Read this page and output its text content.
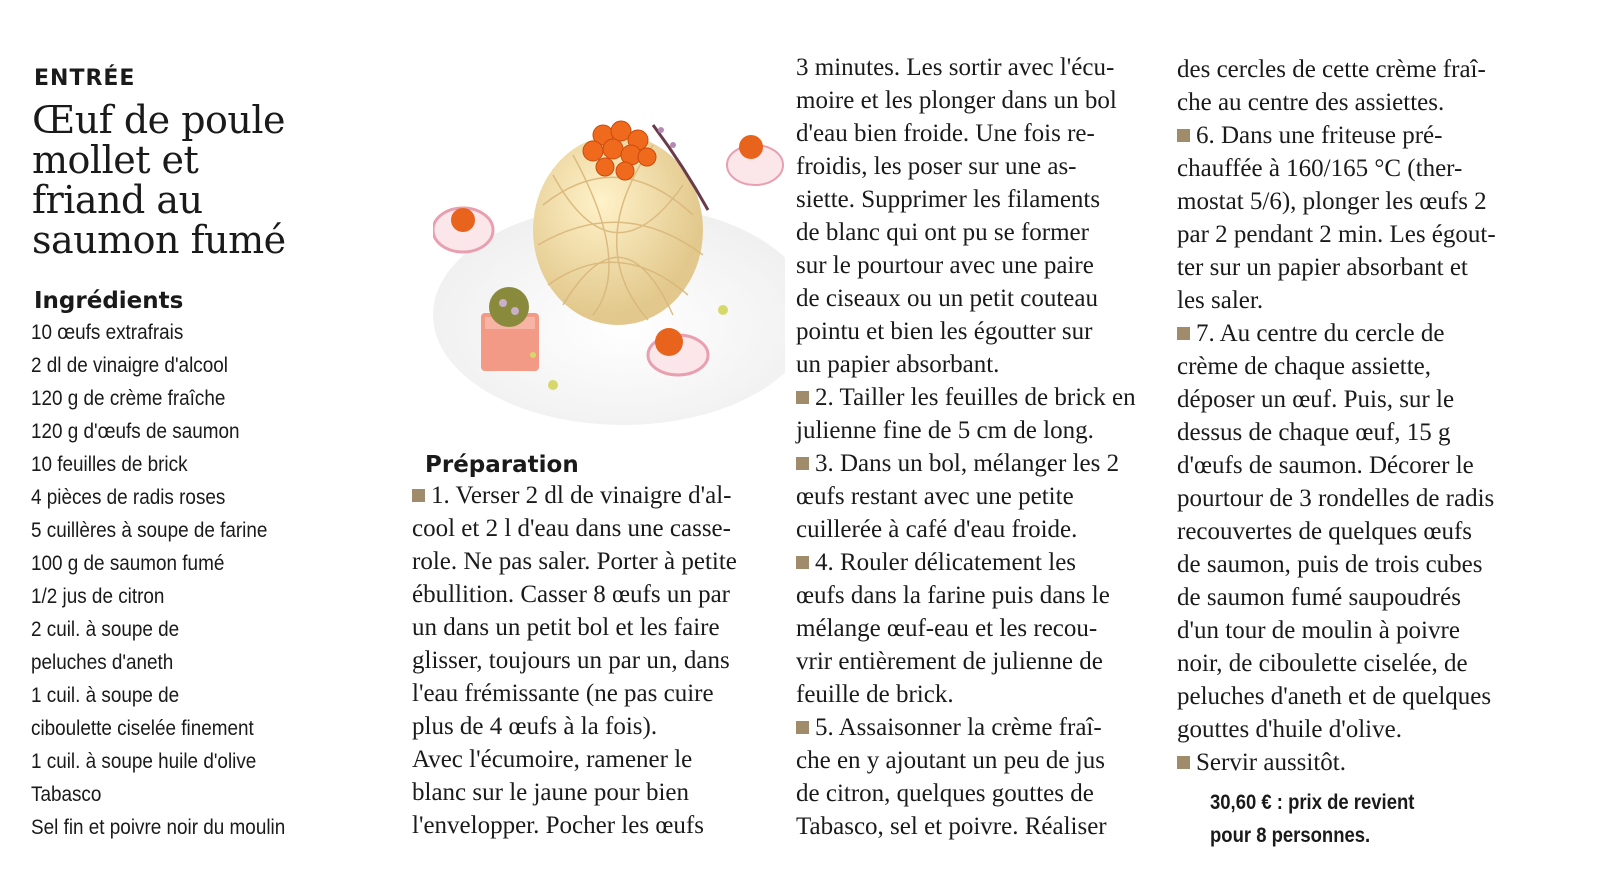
ENTRÉE
Œuf de poule
mollet et
friand au
saumon fumé
Ingrédients
10 œufs extrafrais
2 dl de vinaigre d'alcool
120 g de crème fraîche
120 g d'œufs de saumon
10 feuilles de brick
4 pièces de radis roses
5 cuillères à soupe de farine
100 g de saumon fumé
1/2 jus de citron
2 cuil. à soupe de
peluches d'aneth
1 cuil. à soupe de
ciboulette ciselée finement
1 cuil. à soupe huile d'olive
Tabasco
Sel fin et poivre noir du moulin
Préparation
1. Verser 2 dl de vinaigre d'al-
cool et 2 l d'eau dans une casse-
role. Ne pas saler. Porter à petite
ébullition. Casser 8 œufs un par
un dans un petit bol et les faire
glisser, toujours un par un, dans
l'eau frémissante (ne pas cuire
plus de 4 œufs à la fois).
Avec l'écumoire, ramener le
blanc sur le jaune pour bien
l'envelopper. Pocher les œufs
3 minutes. Les sortir avec l'écu-
moire et les plonger dans un bol
d'eau bien froide. Une fois re-
froidis, les poser sur une as-
siette. Supprimer les filaments
de blanc qui ont pu se former
sur le pourtour avec une paire
de ciseaux ou un petit couteau
pointu et bien les égoutter sur
un papier absorbant.
2. Tailler les feuilles de brick en
julienne fine de 5 cm de long.
3. Dans un bol, mélanger les 2
œufs restant avec une petite
cuillerée à café d'eau froide.
4. Rouler délicatement les
œufs dans la farine puis dans le
mélange œuf-eau et les recou-
vrir entièrement de julienne de
feuille de brick.
5. Assaisonner la crème fraî-
che en y ajoutant un peu de jus
de citron, quelques gouttes de
Tabasco, sel et poivre. Réaliser
des cercles de cette crème fraî-
che au centre des assiettes.
6. Dans une friteuse pré-
chauffée à 160/165 °C (ther-
mostat 5/6), plonger les œufs 2
par 2 pendant 2 min. Les égout-
ter sur un papier absorbant et
les saler.
7. Au centre du cercle de
crème de chaque assiette,
déposer un œuf. Puis, sur le
dessus de chaque œuf, 15 g
d'œufs de saumon. Décorer le
pourtour de 3 rondelles de radis
recouvertes de quelques œufs
de saumon, puis de trois cubes
de saumon fumé saupoudrés
d'un tour de moulin à poivre
noir, de ciboulette ciselée, de
peluches d'aneth et de quelques
gouttes d'huile d'olive.
Servir aussitôt.
30,60 € : prix de revient
pour 8 personnes.
